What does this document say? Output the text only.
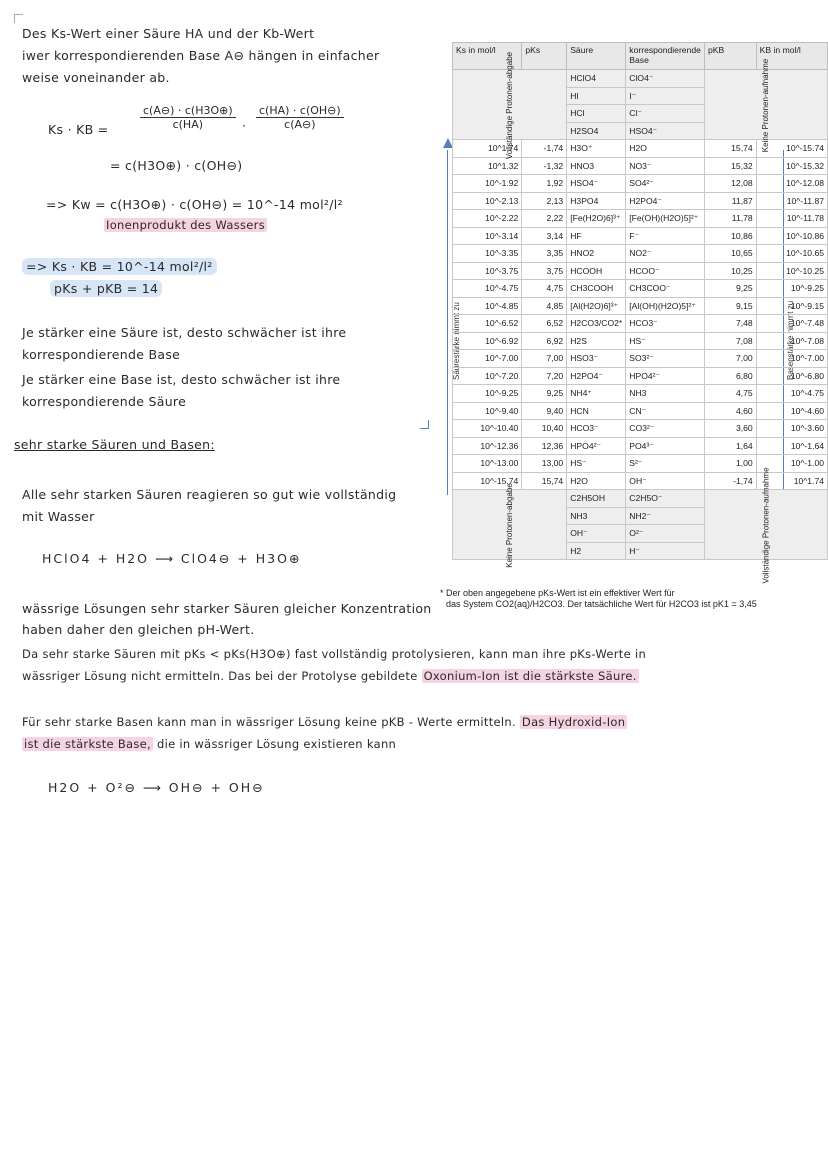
Des Ks-Wert einer Säure HA und der Kb-Wert
iwer korrespondierenden Base A⊖ hängen in einfacher
weise voneinander ab.
Ks · KB =	$\frac{c(A⊖) \cdot c(H3O\oplus)}{c(HA)} \cdot \frac{c(HA) \cdot c(OH⊖)}{c(A⊖)}$
= c(H3O⊕) · c(OH⊖)
=> Kw = c(H3O⊕) · c(OH⊖) = 10^-14 mol²/l²
Ionenprodukt des Wassers
=> Ks · KB = 10^-14 mol²/l²
pKs + pKB = 14
Je stärker eine Säure ist, desto schwächer ist ihre
korrespondierende Base
Je stärker eine Base ist, desto schwächer ist ihre
korrespondierende Säure
sehr starke Säuren und Basen:
Alle sehr starken Säuren reagieren so gut wie vollständig
mit Wasser
HClO4 + H2O ⟶ ClO4⊖ + H3O⊕
wässrige Lösungen sehr starker Säuren gleicher Konzentration
haben daher den gleichen pH-Wert.
Da sehr starke Säuren mit pKs < pKs(H3O⊕) fast vollständig protolysieren, kann man ihre pKs-Werte in
wässriger Lösung nicht ermitteln. Das bei der Protolyse gebildete Oxonium-Ion ist die stärkste Säure.
Für sehr starke Basen kann man in wässriger Lösung keine pKB - Werte ermitteln. Das Hydroxid-Ion
ist die stärkste Base, die in wässriger Lösung existieren kann
H2O + O²⊖ ⟶ OH⊖ + OH⊖
Säurestärke nimmt zu	Basenstärke nimmt zu
Ks in mol/l	pKs	Säure	korrespondierende Base	pKB	KB in mol/l
Vollständige Protonen-abgabe		HClO4	ClO4⁻	Keine Protonen-aufnahme	
		HI	I⁻		
		HCl	Cl⁻		
		H2SO4	HSO4⁻		
10^1.74	-1,74	H3O⁺	H2O	15,74	10^-15.74
10^1.32	-1,32	HNO3	NO3⁻	15,32	10^-15.32
10^-1.92	1,92	HSO4⁻	SO4²⁻	12,08	10^-12.08
10^-2.13	2,13	H3PO4	H2PO4⁻	11,87	10^-11.87
10^-2.22	2,22	[Fe(H2O)6]³⁺	[Fe(OH)(H2O)5]²⁺	11,78	10^-11.78
10^-3.14	3,14	HF	F⁻	10,86	10^-10.86
10^-3.35	3,35	HNO2	NO2⁻	10,65	10^-10.65
10^-3.75	3,75	HCOOH	HCOO⁻	10,25	10^-10.25
10^-4.75	4,75	CH3COOH	CH3COO⁻	9,25	10^-9.25
10^-4.85	4,85	[Al(H2O)6]³⁺	[Al(OH)(H2O)5]²⁺	9,15	10^-9.15
10^-6.52	6,52	H2CO3/CO2*	HCO3⁻	7,48	10^-7.48
10^-6.92	6,92	H2S	HS⁻	7,08	10^-7.08
10^-7.00	7,00	HSO3⁻	SO3²⁻	7,00	10^-7.00
10^-7.20	7,20	H2PO4⁻	HPO4²⁻	6,80	10^-6.80
10^-9.25	9,25	NH4⁺	NH3	4,75	10^-4.75
10^-9.40	9,40	HCN	CN⁻	4,60	10^-4.60
10^-10.40	10,40	HCO3⁻	CO3²⁻	3,60	10^-3.60
10^-12.36	12,36	HPO4²⁻	PO4³⁻	1,64	10^-1.64
10^-13.00	13,00	HS⁻	S²⁻	1,00	10^-1.00
10^-15.74	15,74	H2O	OH⁻	-1,74	10^1.74
Keine Protonen-abgabe		C2H5OH	C2H5O⁻	Vollständige Protonen-aufnahme	
		NH3	NH2⁻		
		OH⁻	O²⁻		
		H2	H⁻		
* Der oben angegebene pKs-Wert ist ein effektiver Wert für
das System CO2(aq)/H2CO3. Der tatsächliche Wert für H2CO3 ist pK1 = 3,45
